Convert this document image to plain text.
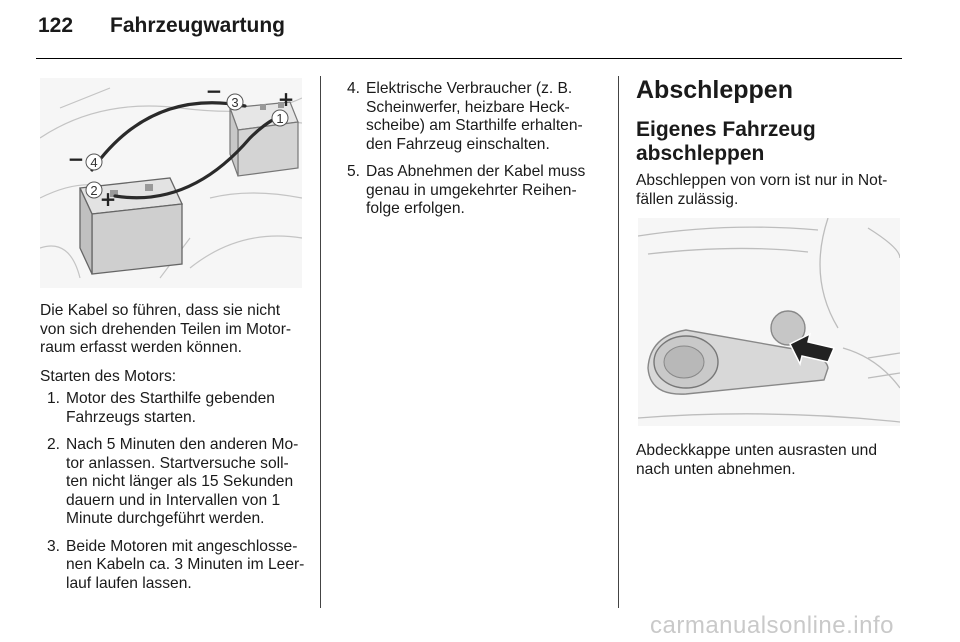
122 Fahrzeugwartung
3
1
4
2
−	+
−
+

Die Kabel so führen, dass sie nicht von sich drehenden Teilen im Motor-raum erfasst werden können.

Starten des Motors:

1. Motor des Starthilfe gebenden Fahrzeugs starten.
2. Nach 5 Minuten den anderen Mo-tor anlassen. Startversuche soll-ten nicht länger als 15 Sekunden dauern und in Intervallen von 1 Minute durchgeführt werden.
3. Beide Motoren mit angeschlosse-nen Kabeln ca. 3 Minuten im Leer-lauf laufen lassen.
4. Elektrische Verbraucher (z. B. Scheinwerfer, heizbare Heck-scheibe) am Starthilfe erhalten-den Fahrzeug einschalten.
5. Das Abnehmen der Kabel muss genau in umgekehrter Reihen-folge erfolgen.
Abschleppen
Eigenes Fahrzeug abschleppen

Abschleppen von vorn ist nur in Not-fällen zulässig.

Abdeckkappe unten ausrasten und nach unten abnehmen.

carmanualsonline.info
